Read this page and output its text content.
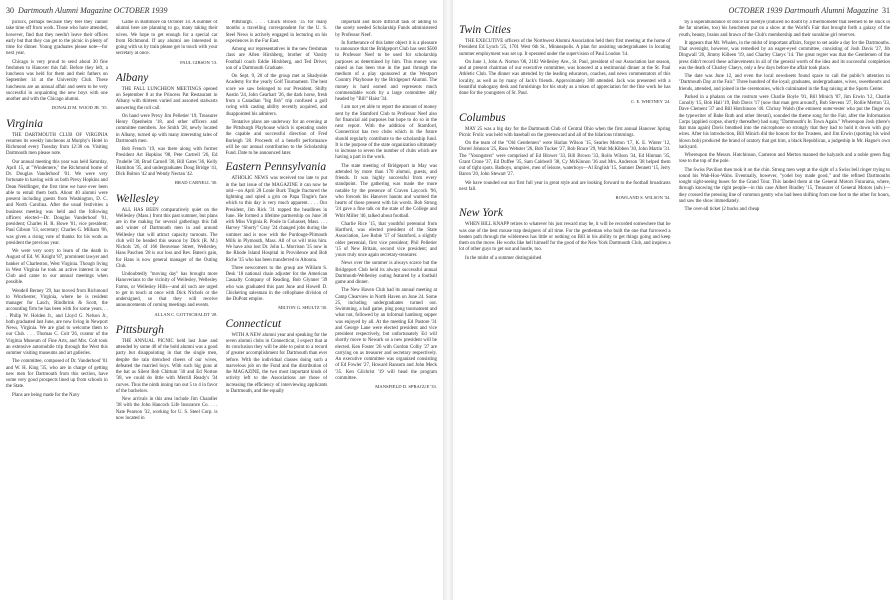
30 Dartmouth Alumni Magazine OCTOBER 1939

picnics, perhaps because they feel they cannot take time off from work. Those who have attended, however, find that they needn't leave their offices early but that they can get to the picnic in plenty of time for dinner. Young graduates please note—for next year.

Chicago is very proud to send about 30 fine freshmen to Hanover this fall. Before they left, a luncheon was held for them and their fathers on September 14 at the University Club. These luncheons are an annual affair and seem to be very successful in acquainting the new boys with one another and with the Chicago alumni.

DONALD M. WOOD JR. '35.

Virginia

THE DARTMOUTH CLUB OF VIRGINIA resumes its weekly luncheons at Murphy's Hotel in Richmond every Tuesday from 12:30 on. Visiting Dartmouth men please note.

Our annual meeting this year was held Saturday, April 15, at "Windemere," the Richmond home of Dr. Douglas Vanderhoof '01. We were very fortunate in having with us both Prexy Hopkins and Dean Neidlinger, the first time we have ever been able to entail them both. About 40 alumni were present including guests from Washington, D. C. and North Carolina. After the usual festivities a business meeting was held and the following officers elected—Dr. Douglas Vanderhoof '01, president; Charles H. R. Howe '01, vice president; Paul Gibson '13, secretary; Charles G. Milham '06, was given a rising vote of thanks for his work as president the previous year.

We were very sorry to learn of the death in August of Ed. W. Knight '87, prominent lawyer and banker of Charleston, West Virginia. Though living in West Virginia he took an active interest in our Club and came to our annual meetings when possible.

Wendell Berney '29, has moved from Richmond to Winchester, Virginia, where he is resident manager for Lasch, Rindbrink & Scott, the accounting firm he has been with for some years. . . . Philip W. Holden Jr., and Lloyd G. Nelson Jr., both graduated last June, are now living in Newport News, Virginia. We are glad to welcome them to our Club. . . . Thomas C. Colt '26, curator of the Virginia Museum of Fine Arts, and Mrs. Colt took an extensive automobile trip through the West this summer visiting museums and art galleries.

The committee, composed of Dr. Vanderhoof '01 and W. H. King '35, who are in charge of getting new men for Dartmouth from this section, have some very good prospects lined up from schools in the State.

Plans are being made for the Navy

Game in Baltimore on October 14. A number of alumni here are planning to go, many taking their wives. We hope to get enough for a special car from Richmond. If any alumni are interested in going with us by train please get in touch with your secretary at once.

PAUL GIBSON '13.

Albany

THE FALL LUNCHEON MEETINGS opened on September 8 at the Princess Pat Restaurant in Albany with thirteen varied and assorted stalwarts answering the roll call.

On hand were Prexy Jim Pelletier '19, Treasurer Henry Openheim '18, and other officers and committee members. Joe Smith '28, newly located in Albany, turned up with many interesting tales of Dartmouth men.

Bob French '19, was there along with former President Art Hopkins '98, Pete Cartrell '26, Ed Trudelle '30, Brad Carnell '30, Bill Gates '36, Kelly Hamilton '35, and undergraduates Doug Bridge '41, Dick Bolton '42 and Wendy Nectan '42.

BRAD CARNELL '30.

Wellesley

ALL HAS BEEN comparatively quiet on the Wellesley (Mass.) front this past summer, but plans are in the making for several gatherings this fall and winter of Dartmouth men in and around Wellesley that will attract capacity turnouts. The club will be headed this season by Dick (R. M.) Nichols '26, of 166 Benvenue Street, Wellesley, Hans Paschen '28 is our loss and Rev. Bates's gain, for Hans is now general manager of the Outing Club.

Undoubtedly "moving day" has brought more Hanoverians to the vicinity of Wellesley, Wellesley Farms, or Wellesley Hills—and all such are urged to get in touch at once with Dick Nichols or the undersigned, so that they will receive announcements of coming meetings and events.

ALLAN C. GOTTSCHALDT '28.

Pittsburgh

THE ANNUAL PICNIC held last June and attended by some 40 of the bold alumni was a good party but disappointing in that the single men, despite the rain drenched cheers of our wives, defeated the married boys. With such big guns at the bat as Silent Bob Chittum '30 and Ed Norton '38, we could do little with Merrill Ready's '34 curves. Thus the ninth inning ran out 5 to 4 in favor of the bachelors.

New arrivals in this area include Jim Chandler '38 with the John Hancock Life Insurance Co. . . . Nate Pearson '32, working for U. S. Steel Corp. is now located in

Pittsburgh. . . . Chuck Brown '35 for many months a travelling correspondent for the U. S. Steel News is actively engaged in lecturing on his experiences in the Far East.

Among our representatives in the new freshman class are Allen Hirshberg, brother of Varsity Football coach Eddie Hirshberg, and Ted Driver, son of a Dartmouth Graduate.

On Sept. 9, 20 of the group met at Shadyside Academy for the yearly Golf Tournament. The best score we saw belonged to our President, Shifty Austin '24, John Gearhart '26, the dark horse, fresh from a Canadian "big fish" trip confused a golf swing with casting ability recently acquired, and disappointed his admirers.

Tentative plans are underway for an evening at the Pittsburgh Playhouse which is operating under the capable and successful direction of Fred Burleigh '28. Proceeds of a benefit performance will be our annual contribution to the Scholarship Fund. Date to be announced later.

Eastern Pennsylvania

ATHOLIC NEWS was received too late to put in the last issue of the MAGAZINE it can now be told—on April 28 Lonie Burk Tingle fractured the lightning and spied a grin on Papa Tingle's face which to this day is very much apparent. . . . Our President, Jim Rick '31 topped the headlines in June. He formed a lifetime partnership on June 30 with Miss Virginia R. Poole in Cohasset, Mass. . . . Harvey "Shorty" Gray '24 changed jobs during the summer and is now with the Purdouge-Plimouth Mills in Plymouth, Mass. All of us will miss him. We have also lost Dr. John L. Morrison '35 now in the Rhode Island Hospital in Providence and Bob Riche '35 who has been transferred to Altoona.

Three newcomers to the group are William S. Desk '18 national chain adjuster for the American Casualty Company of Reading, Bob Glynner '39 who was graduated this past June and Howell D. Chickering salesman in the cellophane division of the DuPont empire.

MILTON G. SHULTZ '30.

Connecticut

WITH A NEW alumni year and speaking for the seven alumni clubs in Connecticut, I expect that at its conclusion they will be able to point to a record of greater accomplishment for Dartmouth than ever before. With the individual classes doing such a marvelous job on the Fund and the distribution of the MAGAZINE, the two most important kinds of activity left to the Associations are those of increasing the efficiency of interviewing applicants to Dartmouth, and the equally

important and more difficult task of adding to the sorely needed Scholarship Funds administered by Professor Neef.

In furtherance of this latter object it is a pleasure to announce that the Bridgeport Club has sent $500 to Professor Neef to be used for scholarship purposes as determined by him. This money was raised as has been true in the past through the medium of a play sponsored at the Westport Country Playhouse by the Bridgeport Alumni. The money is hard earned and represents much commendable work by a large committee ably headed by "Bill" Haist '34.

I am not yet able to report the amount of money sent by the Stamford Club to Professor Neef also for financial aid purposes but hope to do so in the next report. With the addition of Stamford, Connecticut has two clubs which in the future should regularly contribute to the scholarship fund. It is the purpose of the state organization ultimately to increase to seven the number of clubs which are having a part in the work.

The state meeting of Bridgeport in May was attended by more than 170 alumni, guests, and friends. It was highly successful from every standpoint. The gathering was made the more notable by the presence of Craven Laycock '96, who forsook his Hanover haunts and warmed the hearts of those present with his words. Bob Strong '24 gave a fine talk on the state of the College and Whit Miller '40, talked about football.

Charlie Rice '15, that youthful perennial from Hartford, was elected president of the State Association, Lee Robie '17 of Stamford, a slightly older perennial, first vice president; Phil Pelletier '15 of New Britain, second vice president; and yours truly once again secretary-treasurer.

News over the summer is always scarce but the Bridgeport Club held its always successful annual Dartmouth-Wellesley outing featured by a football game and dinner.

The New Haven Club had its annual meeting at Camp Clearview in North Haven on June 24. Some 25, including undergraduates turned out. Swimming, a ball game, ping pong tournament and what not, followed by an informal hamburg supper was enjoyed by all. At the meeting Ed Pastore '31 and George Lane were elected president and vice president respectively, but unfortunately Ed will shortly move to Newark so a new president will be elected. Ken Foster '26 with Gordon Colby '27 are carrying on as treasurer and secretary respectively. An executive committee was organized consisting of Ed Fowler '27, Howard Ransom and John Meck '35. Ken Gilchrist '19 will head the program committee.

MANSFIELD D. SPRAGUE '33.

OCTOBER 1939 Dartmouth Alumni Magazine 31
Twin Cities

THE EXECUTIVE officers of the Northwest Alumni Association held their first meeting at the home of President Ed Lynch '25, 1701 West 6th St., Minneapolis. A plan for assisting undergraduates in locating summer employment was set up. It operated under the supervision of Paul Loudon '14.

On June 1, John A. Norton '08, 2182 Wellesley Ave., St. Paul, president of our Association last season, and at present chairman of our executive committee, was honored at a testimonial dinner at the St. Paul Athletic Club. The dinner was attended by the leading educators, coaches, and news commentators of this locality, as well as by many of Jack's friends. Approximately 300 attended. Jack was presented with a beautiful mahogany desk and furnishings for his study as a token of appreciation for the fine work he has done for the youngsters of St. Paul.

C. E. WHITNEY '24.

Columbus

MAY 25 was a big day for the Dartmouth Club of Central Ohio when the first annual Hanover Spring Picnic Frolic was held with baseball on the greensward and all of the hilarious trimmings.

On the team of the "Old Gentlemen" were Harlan Wilson '15, Searles Morton '17, K. E. Winter '12, Dorrel Johnson '25, Russ Webster '26, Bob Tucker '27, Bob Brace '29, Walt McKibben '30, John Martin '31. The "Youngsters" were comprised of Ed Blower '33, Bill Brown '33, Rollo Wilson '34, Ed Hinman '35, Grant Crone '37, Ed Duffee '35, Sam Caldwell '38, Cy McKinnon '36 and Mrs. Anderson '38 helped them out of tight spots. Bathoys, umpires, men of leisure, waterboys—Al English '15, Sumner Dennett '15, Jerry Baron '20, John Stewart '27.

We have rounded out our first full year in great style and are looking forward to the football broadcasts next fall.

ROWLAND S. WILSON '34.

New York

WHEN BILL KNAPP retires to whatever his just reward may be, it will be recorded somewhere that he was one of the best mouse trap designers of all time. For the gentleman who built the one that furrowed a beaten path through the wilderness has little or nothing on Bill in his ability to get things going and keep them on the move. He works like hell himself for the good of the New York Dartmouth Club, and inspires a lot of other guys to get out and hustle, too.

In the midst of a summer distinguished

by a superabundance of dolce far nientye (induced no doubt by a thermometer that seemed to be stuck in the far nineties, too) his henchmen put on a show at the World's Fair that brought forth a galaxy of the youth, beauty, brains and brawn of the Club's membership and their sunshine girl reserves.

It appears that Mr. Whalen, in the midst of important affairs, forgot to set aside a day for the Dartmouths. That oversight, however, was remedied by an eager-eyed committee, consisting of Josh Davis '27, Jib Dingwall '26, Jimmy Killeen '19, and Charley Claeys '14. The great regret was that the Gentlemen of the press didn't record these achievements in all of the general worth of the idea and its successful completion was the death of Charley Claeys, only a few days before the affair took place.

The date was June 12, and even the local newsheets found space to call the public's attention to "Dartmouth Day at the Fair." Three hundred of the loyal; graduates, undergraduates, wives, sweethearts and friends, attended, and joined in the ceremonies, which culminated in the flag raising at the Sports Center.

Parked in a phalanx on the rostrum were Charlie Boyle '01, Bill Minich '07, Jim Erwin '12, Charlie Conolly '15, Bob Hall '19, Bob Davis '17 (now that man gets around!), Bob Stevens '27, Rollie Merton '33, Dave Clement '37 and Bill Hutchinson '40. Chrissy Walsh (the eminent outer-tester who put the finger on the typewriter of Babe Ruth and other literati), sounded the theme song for the Fair, after the Information Corps (applied corpse, shortly thereafter) had sung "Dartmouth's In Town Again." Whereupon Josh (there's that man again) Davis breathed into the microphone so strongly that they had to hold it down with guy wires. After his introduction, Bill Minich did the honors for the Trustees, and Jim Erwin (sporting his wind blown bob) produced the brand of oratory that got him, a black Republican, a judgeship in Mr. Hague's own backyard.

Whereupon the Messrs. Hutchinson, Cameron and Merton manned the halyards and a noble green flag rose to the top of the pole.

The Swiss Pavilion then took it on the chin. Strong men wept at the sight of a Swiss bell ringer trying to sound his Wah-Hoo-Wahs. Eventually, however, "yodel boy made good," and the refined Dartmouths sought sight-seeing buses for the Grand Tour. This landed them at the General Motors Futurama, where, through knowing the right people—in this case Albert Bradley '15, Treasurer of General Motors (adv.)—they crossed the pressing line of common gentry who had been shifting from one foot to the other for hours, and saw the show immediately.

The over-all ticket (2 bucks and cheap
